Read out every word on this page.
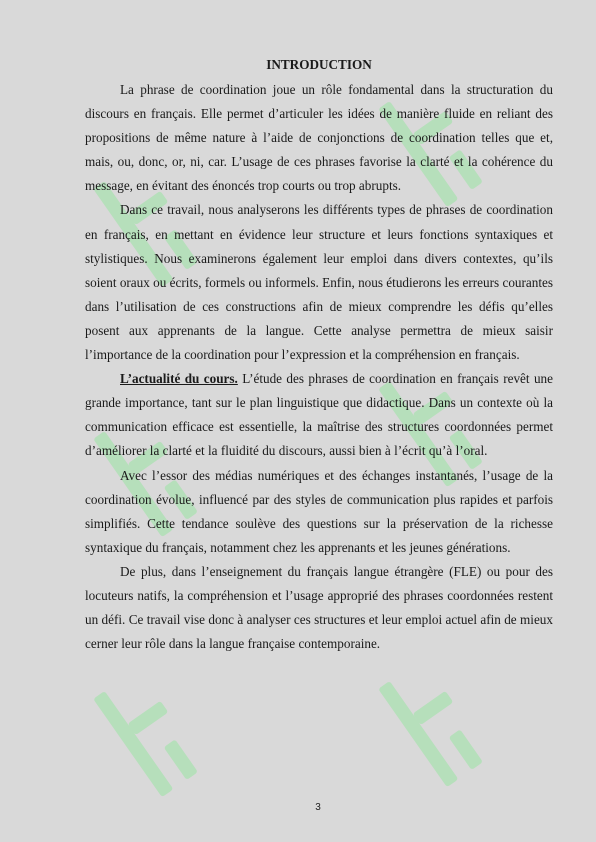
INTRODUCTION

La phrase de coordination joue un rôle fondamental dans la structuration du discours en français. Elle permet d’articuler les idées de manière fluide en reliant des propositions de même nature à l’aide de conjonctions de coordination telles que et, mais, ou, donc, or, ni, car. L’usage de ces phrases favorise la clarté et la cohérence du message, en évitant des énoncés trop courts ou trop abrupts.

Dans ce travail, nous analyserons les différents types de phrases de coordination en français, en mettant en évidence leur structure et leurs fonctions syntaxiques et stylistiques. Nous examinerons également leur emploi dans divers contextes, qu’ils soient oraux ou écrits, formels ou informels. Enfin, nous étudierons les erreurs courantes dans l’utilisation de ces constructions afin de mieux comprendre les défis qu’elles posent aux apprenants de la langue. Cette analyse permettra de mieux saisir l’importance de la coordination pour l’expression et la compréhension en français.

L’actualité du cours. L’étude des phrases de coordination en français revêt une grande importance, tant sur le plan linguistique que didactique. Dans un contexte où la communication efficace est essentielle, la maîtrise des structures coordonnées permet d’améliorer la clarté et la fluidité du discours, aussi bien à l’écrit qu’à l’oral.

Avec l’essor des médias numériques et des échanges instantanés, l’usage de la coordination évolue, influencé par des styles de communication plus rapides et parfois simplifiés. Cette tendance soulève des questions sur la préservation de la richesse syntaxique du français, notamment chez les apprenants et les jeunes générations.

De plus, dans l’enseignement du français langue étrangère (FLE) ou pour des locuteurs natifs, la compréhension et l’usage approprié des phrases coordonnées restent un défi. Ce travail vise donc à analyser ces structures et leur emploi actuel afin de mieux cerner leur rôle dans la langue française contemporaine.

3
